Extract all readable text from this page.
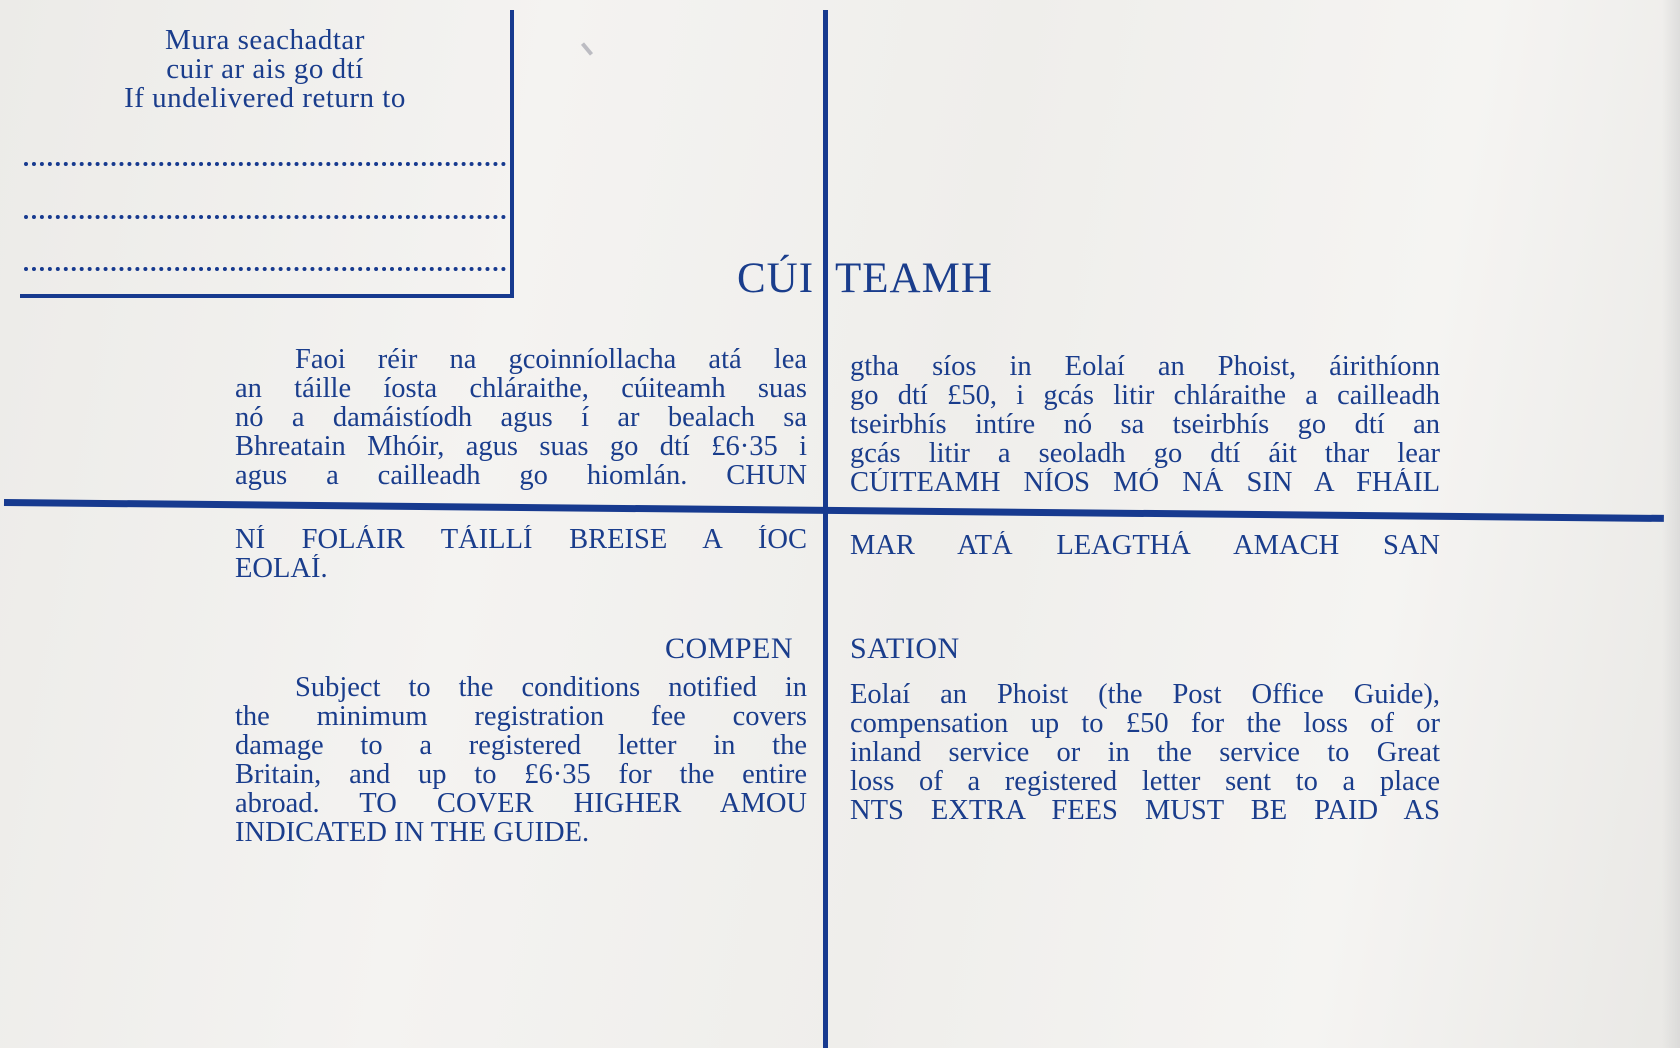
Mura seachadtar
cuir ar ais go dtí
If undelivered return to
CÚI TEAMH
Faoi réir na gcoinníollacha atá lea
an táille íosta chláraithe, cúiteamh suas
nó a damáistíodh agus í ar bealach sa
Bhreatain Mhóir, agus suas go dtí £6·35 i
agus a cailleadh go hiomlán. CHUN
gtha síos in Eolaí an Phoist, áirithíonn
go dtí £50, i gcás litir chláraithe a cailleadh
tseirbhís intíre nó sa tseirbhís go dtí an
gcás litir a seoladh go dtí áit thar lear
CÚITEAMH NÍOS MÓ NÁ SIN A FHÁIL
NÍ FOLÁIR TÁILLÍ BREISE A ÍOC
EOLAÍ.
MAR ATÁ LEAGTHÁ AMACH SAN
COMPEN SATION
Subject to the conditions notified in
the minimum registration fee covers
damage to a registered letter in the
Britain, and up to £6·35 for the entire
abroad. TO COVER HIGHER AMOU
INDICATED IN THE GUIDE.
Eolaí an Phoist (the Post Office Guide),
compensation up to £50 for the loss of or
inland service or in the service to Great
loss of a registered letter sent to a place
NTS EXTRA FEES MUST BE PAID AS
